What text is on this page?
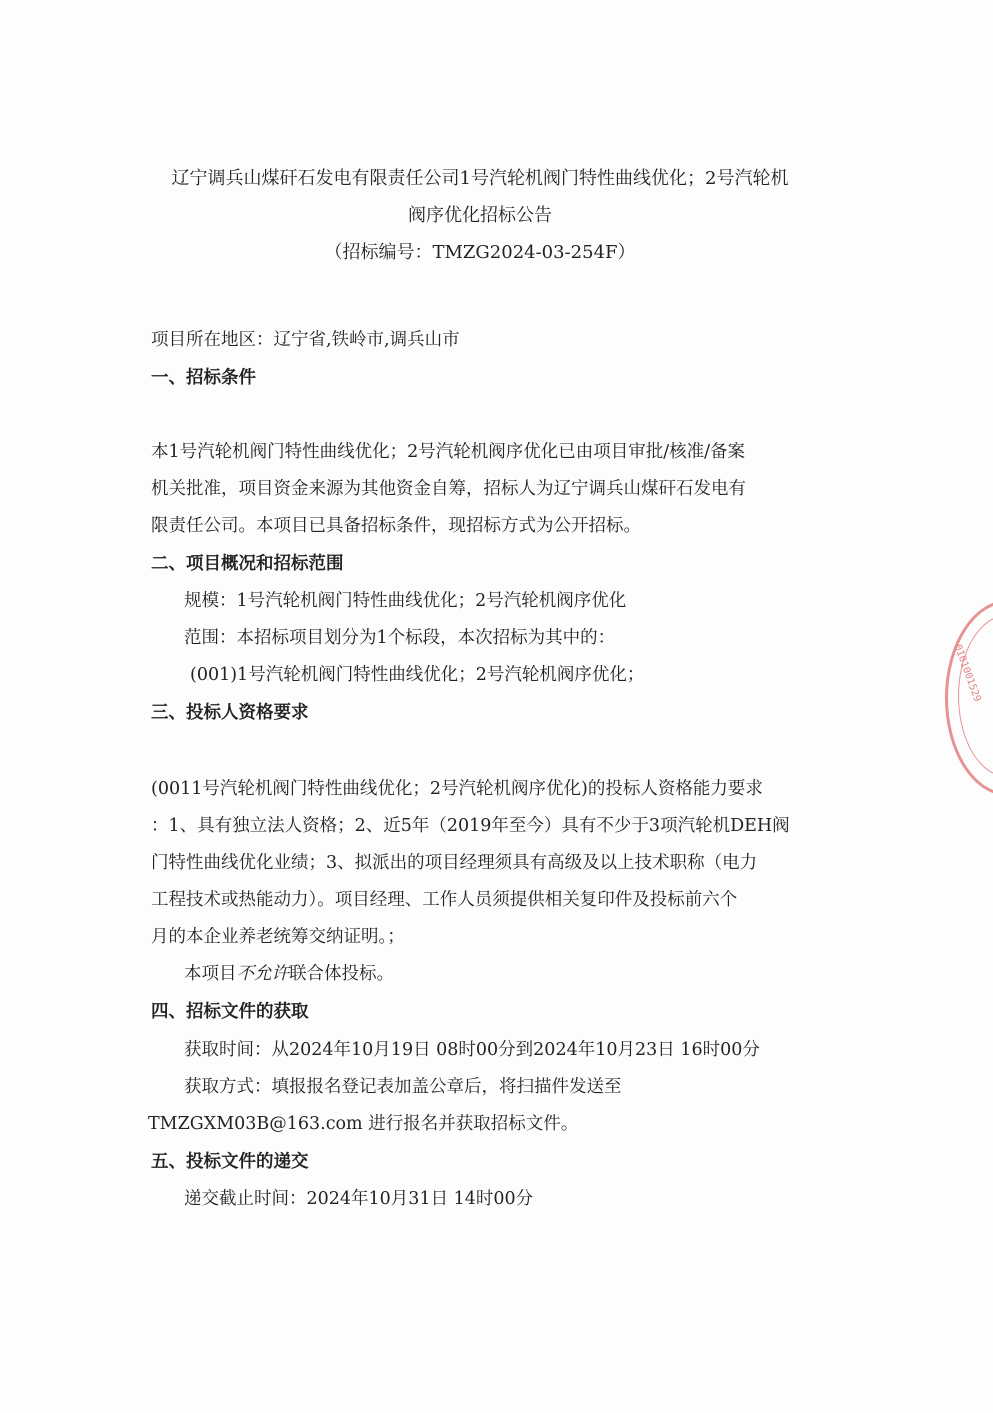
辽宁调兵山煤矸石发电有限责任公司1号汽轮机阀门特性曲线优化；2号汽轮机
阀序优化招标公告
（招标编号：TMZG2024-03-254F）
项目所在地区：辽宁省,铁岭市,调兵山市
一、招标条件
本1号汽轮机阀门特性曲线优化；2号汽轮机阀序优化已由项目审批/核准/备案
机关批准，项目资金来源为其他资金自筹，招标人为辽宁调兵山煤矸石发电有
限责任公司。本项目已具备招标条件，现招标方式为公开招标。
二、项目概况和招标范围
规模：1号汽轮机阀门特性曲线优化；2号汽轮机阀序优化
范围：本招标项目划分为1个标段，本次招标为其中的：
(001)1号汽轮机阀门特性曲线优化；2号汽轮机阀序优化；
三、投标人资格要求
(0011号汽轮机阀门特性曲线优化；2号汽轮机阀序优化)的投标人资格能力要求
：1、具有独立法人资格；2、近5年（2019年至今）具有不少于3项汽轮机DEH阀
门特性曲线优化业绩；3、拟派出的项目经理须具有高级及以上技术职称（电力
工程技术或热能动力）。项目经理、工作人员须提供相关复印件及投标前六个
月的本企业养老统筹交纳证明。；
本项目不允许联合体投标。
四、招标文件的获取
获取时间：从2024年10月19日 08时00分到2024年10月23日 16时00分
获取方式：填报报名登记表加盖公章后，将扫描件发送至
TMZGXM03B@163.com 进行报名并获取招标文件。
五、投标文件的递交
递交截止时间：2024年10月31日 14时00分
0101001529
